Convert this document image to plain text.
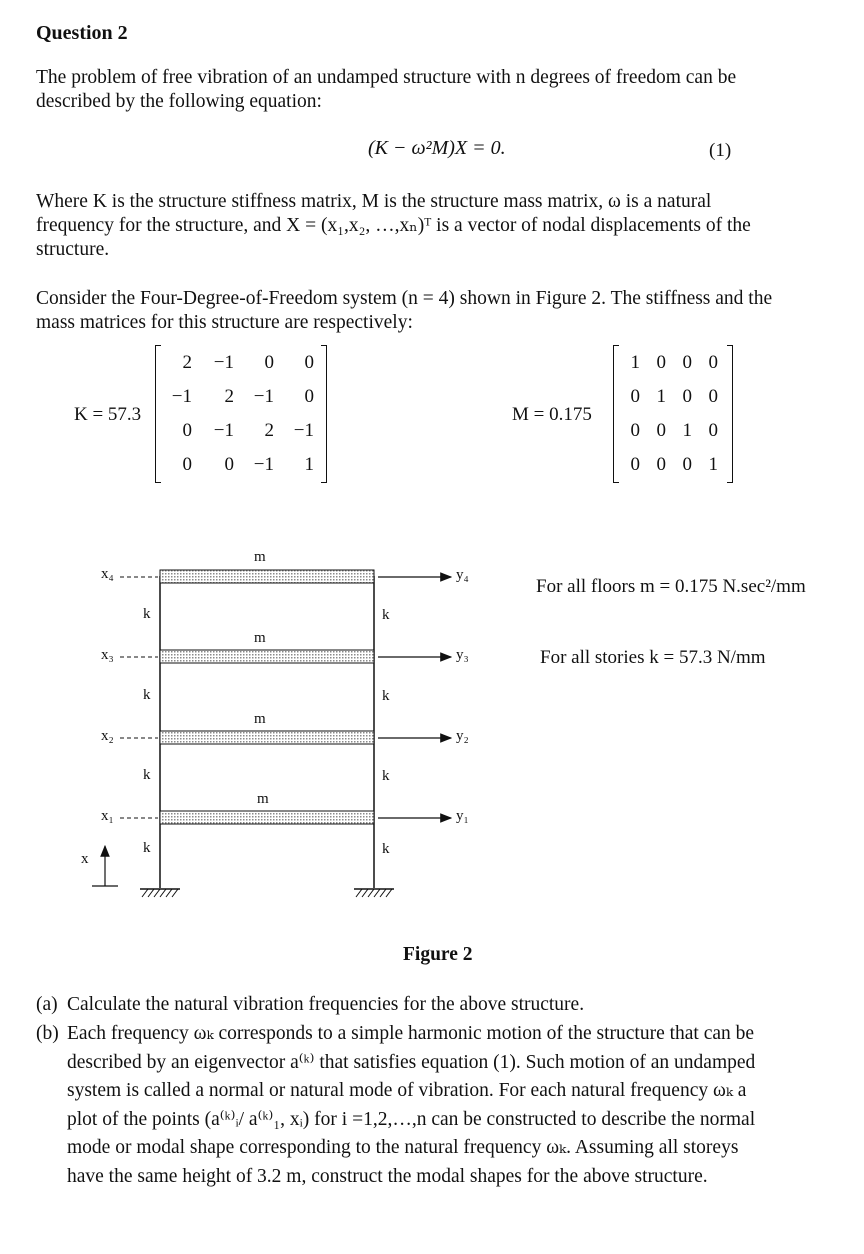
Question 2
The problem of free vibration of an undamped structure with n degrees of freedom can be
described by the following equation:
(K − ω²M)X = 0.	(1)
Where K is the structure stiffness matrix, M is the structure mass matrix, ω is a natural
frequency for the structure, and X = (x₁,x₂, …,xₙ)ᵀ is a vector of nodal displacements of the
structure.
Consider the Four-Degree-of-Freedom system (n = 4) shown in Figure 2. The stiffness and the
mass matrices for this structure are respectively:
K = 57.3
2	−1	0	0
−1	2	−1	0
0	−1	2	−1
0	0	−1	1
M = 0.175
1	0	0	0
0	1	0	0
0	0	1	0
0	0	0	1
m
m
m
m
k
k
k
k
k
k
k
k
x₄
x₃
x₂
x₁
y₄
y₃
y₂
y₁
x
For all floors m = 0.175 N.sec²/mm
For all stories k = 57.3 N/mm
Figure 2
(a) Calculate the natural vibration frequencies for the above structure.
(b) Each frequency ωₖ corresponds to a simple harmonic motion of the structure that can be
described by an eigenvector a⁽ᵏ⁾ that satisfies equation (1). Such motion of an undamped
system is called a normal or natural mode of vibration. For each natural frequency ωₖ a
plot of the points (a⁽ᵏ⁾ᵢ/ a⁽ᵏ⁾₁, xᵢ) for i =1,2,…,n can be constructed to describe the normal
mode or modal shape corresponding to the natural frequency ωₖ. Assuming all storeys
have the same height of 3.2 m, construct the modal shapes for the above structure.
